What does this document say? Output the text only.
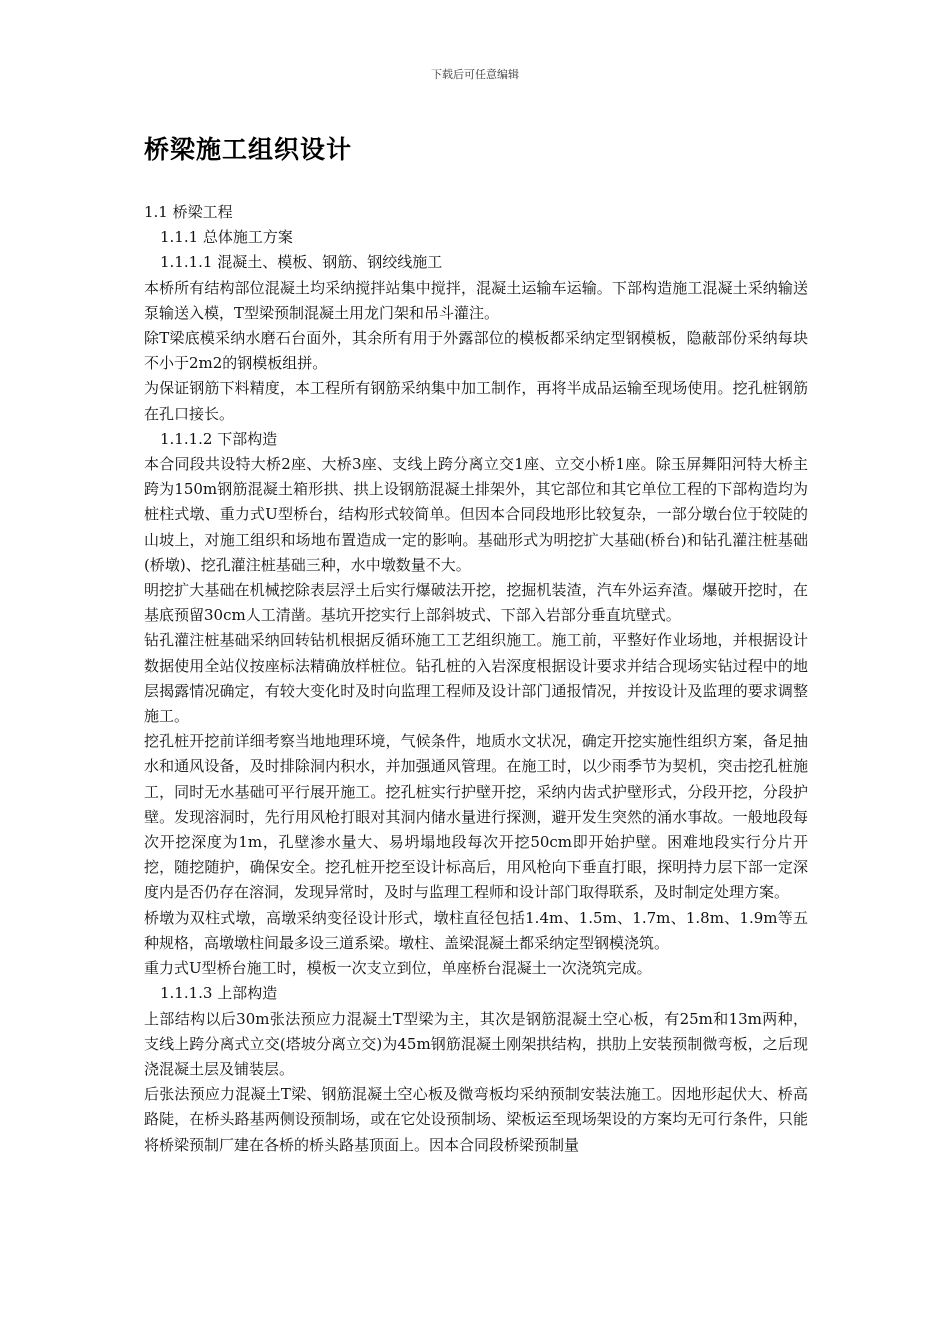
下载后可任意编辑
桥梁施工组织设计

1.1 桥梁工程

1.1.1 总体施工方案

1.1.1.1 混凝土、模板、钢筋、钢绞线施工

本桥所有结构部位混凝土均采纳搅拌站集中搅拌，混凝土运输车运输。下部构造施工混凝土采纳输送泵输送入模，T型梁预制混凝土用龙门架和吊斗灌注。

除T梁底模采纳水磨石台面外，其余所有用于外露部位的模板都采纳定型钢模板，隐蔽部份采纳每块不小于2m2的钢模板组拼。

为保证钢筋下料精度，本工程所有钢筋采纳集中加工制作，再将半成品运输至现场使用。挖孔桩钢筋在孔口接长。

1.1.1.2 下部构造

本合同段共设特大桥2座、大桥3座、支线上跨分离立交1座、立交小桥1座。除玉屏舞阳河特大桥主跨为150m钢筋混凝土箱形拱、拱上设钢筋混凝土排架外，其它部位和其它单位工程的下部构造均为桩柱式墩、重力式U型桥台，结构形式较简单。但因本合同段地形比较复杂，一部分墩台位于较陡的山坡上，对施工组织和场地布置造成一定的影响。基础形式为明挖扩大基础(桥台)和钻孔灌注桩基础(桥墩)、挖孔灌注桩基础三种，水中墩数量不大。

明挖扩大基础在机械挖除表层浮土后实行爆破法开挖，挖掘机装渣，汽车外运弃渣。爆破开挖时，在基底预留30cm人工清凿。基坑开挖实行上部斜坡式、下部入岩部分垂直坑壁式。

钻孔灌注桩基础采纳回转钻机根据反循环施工工艺组织施工。施工前，平整好作业场地，并根据设计数据使用全站仪按座标法精确放样桩位。钻孔桩的入岩深度根据设计要求并结合现场实钻过程中的地层揭露情况确定，有较大变化时及时向监理工程师及设计部门通报情况，并按设计及监理的要求调整施工。

挖孔桩开挖前详细考察当地地理环境，气候条件，地质水文状况，确定开挖实施性组织方案，备足抽水和通风设备，及时排除洞内积水，并加强通风管理。在施工时，以少雨季节为契机，突击挖孔桩施工，同时无水基础可平行展开施工。挖孔桩实行护壁开挖，采纳内齿式护壁形式，分段开挖，分段护壁。发现溶洞时，先行用风枪打眼对其洞内储水量进行探测，避开发生突然的涌水事故。一般地段每次开挖深度为1m，孔壁渗水量大、易坍塌地段每次开挖50cm即开始护壁。困难地段实行分片开挖，随挖随护，确保安全。挖孔桩开挖至设计标高后，用风枪向下垂直打眼，探明持力层下部一定深度内是否仍存在溶洞，发现异常时，及时与监理工程师和设计部门取得联系，及时制定处理方案。

桥墩为双柱式墩，高墩采纳变径设计形式，墩柱直径包括1.4m、1.5m、1.7m、1.8m、1.9m等五种规格，高墩墩柱间最多设三道系梁。墩柱、盖梁混凝土都采纳定型钢模浇筑。

重力式U型桥台施工时，模板一次支立到位，单座桥台混凝土一次浇筑完成。

1.1.1.3 上部构造

上部结构以后30m张法预应力混凝土T型梁为主，其次是钢筋混凝土空心板，有25m和13m两种，支线上跨分离式立交(塔坡分离立交)为45m钢筋混凝土刚架拱结构，拱肋上安装预制微弯板，之后现浇混凝土层及铺装层。

后张法预应力混凝土T梁、钢筋混凝土空心板及微弯板均采纳预制安装法施工。因地形起伏大、桥高路陡，在桥头路基两侧设预制场，或在它处设预制场、梁板运至现场架设的方案均无可行条件，只能将桥梁预制厂建在各桥的桥头路基顶面上。因本合同段桥梁预制量
